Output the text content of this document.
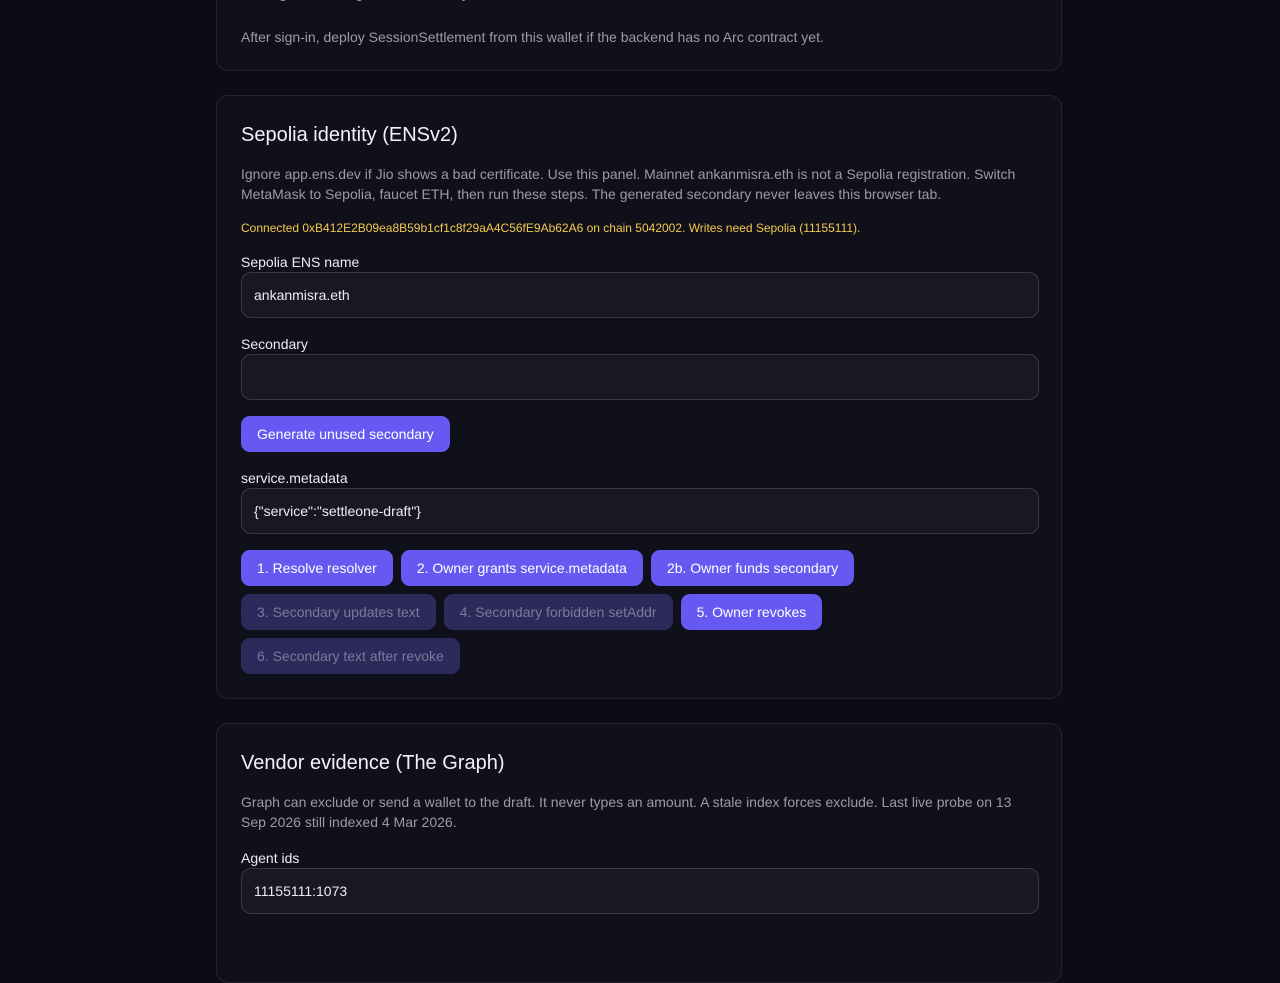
After sign-in, deploy SessionSettlement from this wallet if the backend has no Arc contract yet.

Sepolia identity (ENSv2)

Ignore app.ens.dev if Jio shows a bad certificate. Use this panel. Mainnet ankanmisra.eth is not a Sepolia registration. Switch MetaMask to Sepolia, faucet ETH, then run these steps. The generated secondary never leaves this browser tab.

Connected 0xB412E2B09ea8B59b1cf1c8f29aA4C56fE9Ab62A6 on chain 5042002. Writes need Sepolia (11155111).

Sepolia ENS name
ankanmisra.eth
Secondary
Generate unused secondary
service.metadata
{"service":"settleone-draft"}
1. Resolve resolver	2. Owner grants service.metadata	2b. Owner funds secondary
3. Secondary updates text	4. Secondary forbidden setAddr	5. Owner revokes
6. Secondary text after revoke
Vendor evidence (The Graph)

Graph can exclude or send a wallet to the draft. It never types an amount. A stale index forces exclude. Last live probe on 13 Sep 2026 still indexed 4 Mar 2026.

Agent ids
11155111:1073
